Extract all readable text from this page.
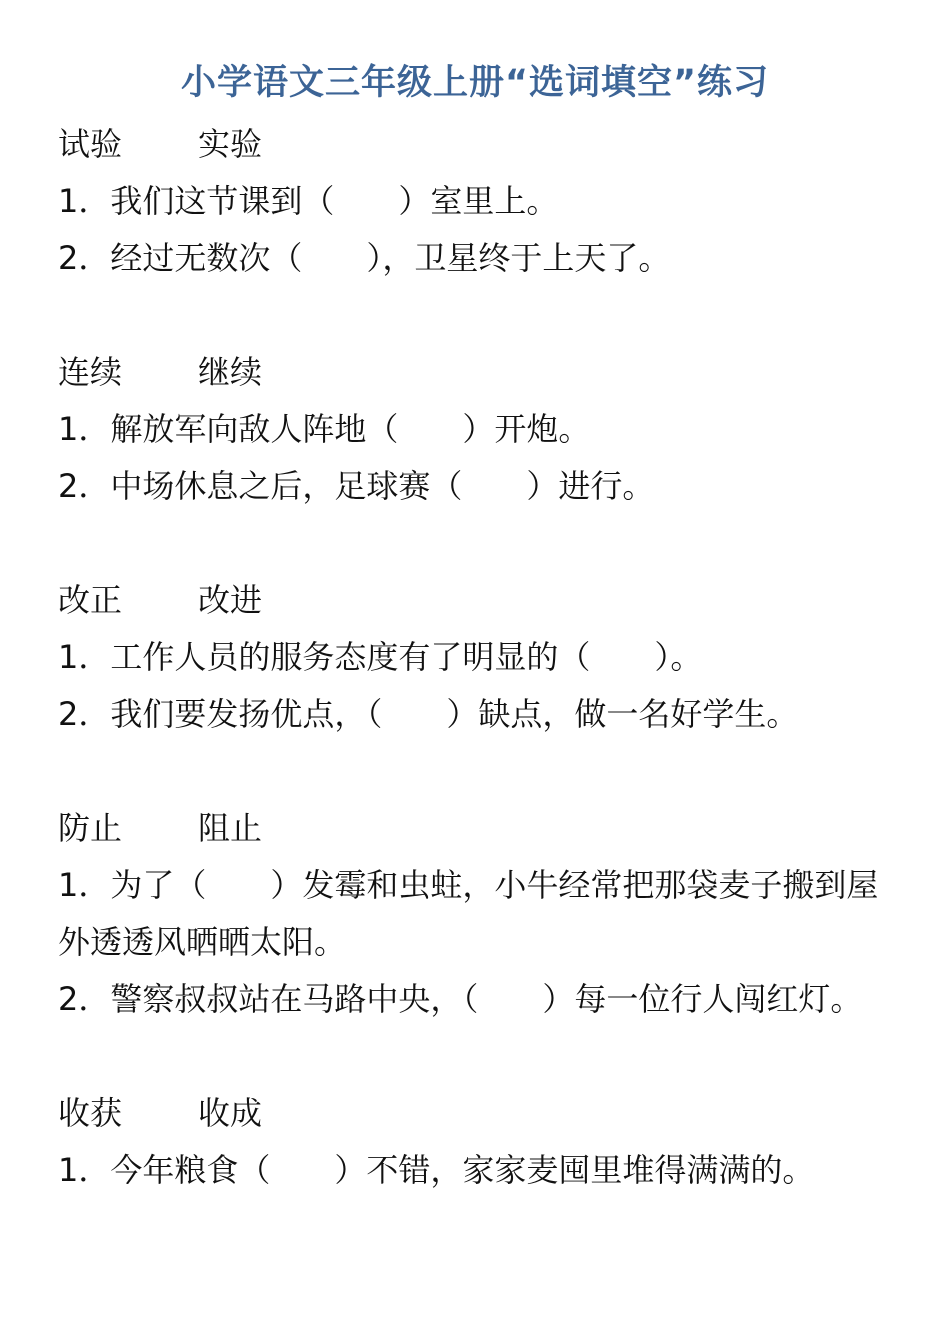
小学语文三年级上册“选词填空”练习
试验 实验
1．我们这节课到（　　）室里上。
2．经过无数次（　　），卫星终于上天了。
连续 继续
1．解放军向敌人阵地（　　）开炮。
2．中场休息之后，足球赛（　　）进行。
改正 改进
1．工作人员的服务态度有了明显的（　　）。
2．我们要发扬优点，（　　）缺点，做一名好学生。
防止 阻止
1．为了（　　）发霉和虫蛀，小牛经常把那袋麦子搬到屋外透透风晒晒太阳。
2．警察叔叔站在马路中央，（　　）每一位行人闯红灯。
收获 收成
1．今年粮食（　　）不错，家家麦囤里堆得满满的。
